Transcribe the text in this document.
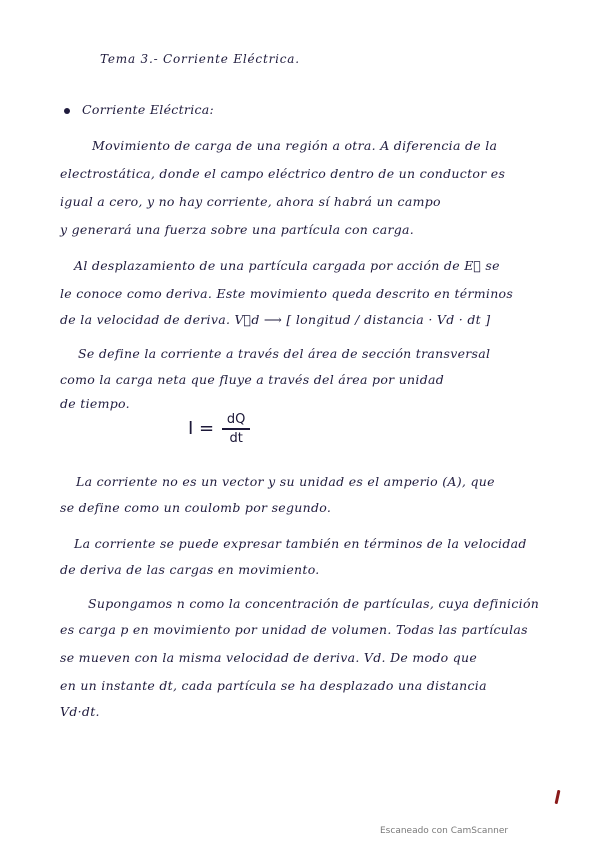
Tema 3.- Corriente Eléctrica.
Corriente Eléctrica:
Movimiento de carga de una región a otra. A diferencia de la
electrostática, donde el campo eléctrico dentro de un conductor es
igual a cero, y no hay corriente, ahora sí habrá un campo
y generará una fuerza sobre una partícula con carga.
Al desplazamiento de una partícula cargada por acción de E⃗ se
le conoce como deriva. Este movimiento queda descrito en términos
de la velocidad de deriva. V⃗d ⟶ [ longitud / distancia · Vd · dt ]
Se define la corriente a través del área de sección transversal
como la carga neta que fluye a través del área por unidad
de tiempo.
$I = \frac{dQ}{dt}$
La corriente no es un vector y su unidad es el amperio (A), que
se define como un coulomb por segundo.
La corriente se puede expresar también en términos de la velocidad
de deriva de las cargas en movimiento.
Supongamos n como la concentración de partículas, cuya definición
es carga p en movimiento por unidad de volumen. Todas las partículas
se mueven con la misma velocidad de deriva. Vd. De modo que
en un instante dt, cada partícula se ha desplazado una distancia
Vd·dt.
Escaneado con CamScanner
